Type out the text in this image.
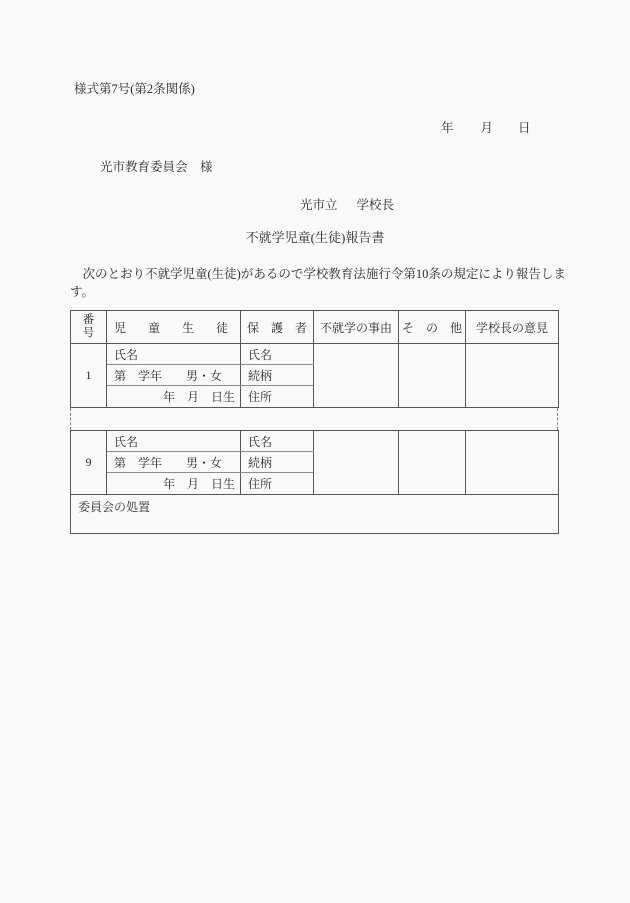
様式第7号(第2条関係)
年 月 日
光市教育委員会　様
光市立 学校長
不就学児童(生徒)報告書
　次のとおり不就学児童(生徒)があるので学校教育法施行令第10条の規定により報告しま
す。
番号	児　童　生　徒	保　護　者	不就学の事由	そ　の　他	学校長の意見
1	氏名	氏名			
	第　学年　　男・女	続柄			
	年　月　日生	住所			
9	氏名	氏名			
	第　学年　　男・女	続柄			
	年　月　日生	住所			
委員会の処置					
